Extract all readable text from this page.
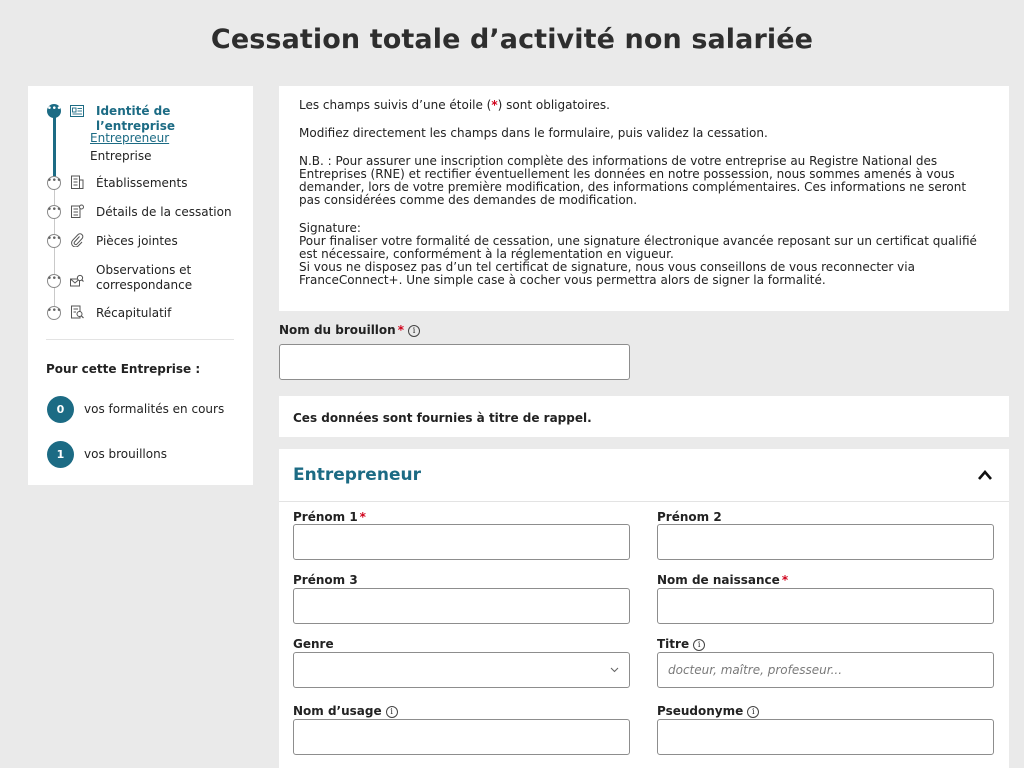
Cessation totale d’activité non salariée
•••	Identité de l’entreprise
Entrepreneur
Entreprise
•••	Établissements
•••	Détails de la cessation
•••	Pièces jointes
•••
Observations et correspondance
•••	Récapitulatif
Pour cette Entreprise :
0	vos formalités en cours
1	vos brouillons

Les champs suivis d’une étoile (*) sont obligatoires.

Modifiez directement les champs dans le formulaire, puis validez la cessation.

N.B. : Pour assurer une inscription complète des informations de votre entreprise au Registre National des Entreprises (RNE) et rectifier éventuellement les données en notre possession, nous sommes amenés à vous demander, lors de votre première modification, des informations complémentaires. Ces informations ne seront pas considérées comme des demandes de modification.

Signature:
Pour finaliser votre formalité de cessation, une signature électronique avancée reposant sur un certificat qualifié est nécessaire, conformément à la réglementation en vigueur.
Si vous ne disposez pas d’un tel certificat de signature, nous vous conseillons de vous reconnecter via FranceConnect+. Une simple case à cocher vous permettra alors de signer la formalité.

Nom du brouillon * i
Ces données sont fournies à titre de rappel.
Entrepreneur
Prénom 1 *	Prénom 2
Prénom 3	Nom de naissance *
Genre	Titre i
docteur, maître, professeur...
Nom d’usage i	Pseudonyme i
